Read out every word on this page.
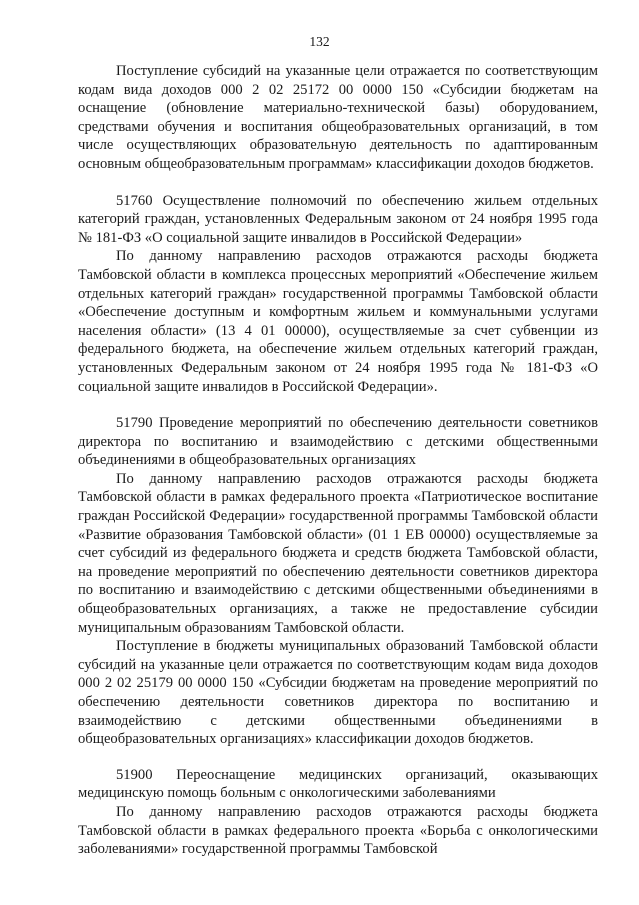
132

Поступление субсидий на указанные цели отражается по соответствующим кодам вида доходов 000 2 02 25172 00 0000 150 «Субсидии бюджетам на оснащение (обновление материально-технической базы) оборудованием, средствами обучения и воспитания общеобразовательных организаций, в том числе осуществляющих образовательную деятельность по адаптированным основным общеобразовательным программам» классификации доходов бюджетов.

51760 Осуществление полномочий по обеспечению жильем отдельных категорий граждан, установленных Федеральным законом от 24 ноября 1995 года № 181-ФЗ «О социальной защите инвалидов в Российской Федерации»

По данному направлению расходов отражаются расходы бюджета Тамбовской области в комплекса процессных мероприятий «Обеспечение жильем отдельных категорий граждан» государственной программы Тамбовской области «Обеспечение доступным и комфортным жильем и коммунальными услугами населения области» (13 4 01 00000), осуществляемые за счет субвенции из федерального бюджета, на обеспечение жильем отдельных категорий граждан, установленных Федеральным законом от 24 ноября 1995 года № 181-ФЗ «О социальной защите инвалидов в Российской Федерации».

51790 Проведение мероприятий по обеспечению деятельности советников директора по воспитанию и взаимодействию с детскими общественными объединениями в общеобразовательных организациях

По данному направлению расходов отражаются расходы бюджета Тамбовской области в рамках федерального проекта «Патриотическое воспитание граждан Российской Федерации» государственной программы Тамбовской области «Развитие образования Тамбовской области» (01 1 ЕВ 00000) осуществляемые за счет субсидий из федерального бюджета и средств бюджета Тамбовской области, на проведение мероприятий по обеспечению деятельности советников директора по воспитанию и взаимодействию с детскими общественными объединениями в общеобразовательных организациях, а также не предоставление субсидии муниципальным образованиям Тамбовской области.

Поступление в бюджеты муниципальных образований Тамбовской области субсидий на указанные цели отражается по соответствующим кодам вида доходов 000 2 02 25179 00 0000 150 «Субсидии бюджетам на проведение мероприятий по обеспечению деятельности советников директора по воспитанию и взаимодействию с детскими общественными объединениями в общеобразовательных организациях» классификации доходов бюджетов.

51900 Переоснащение медицинских организаций, оказывающих медицинскую помощь больным с онкологическими заболеваниями

По данному направлению расходов отражаются расходы бюджета Тамбовской области в рамках федерального проекта «Борьба с онкологическими заболеваниями» государственной программы Тамбовской
